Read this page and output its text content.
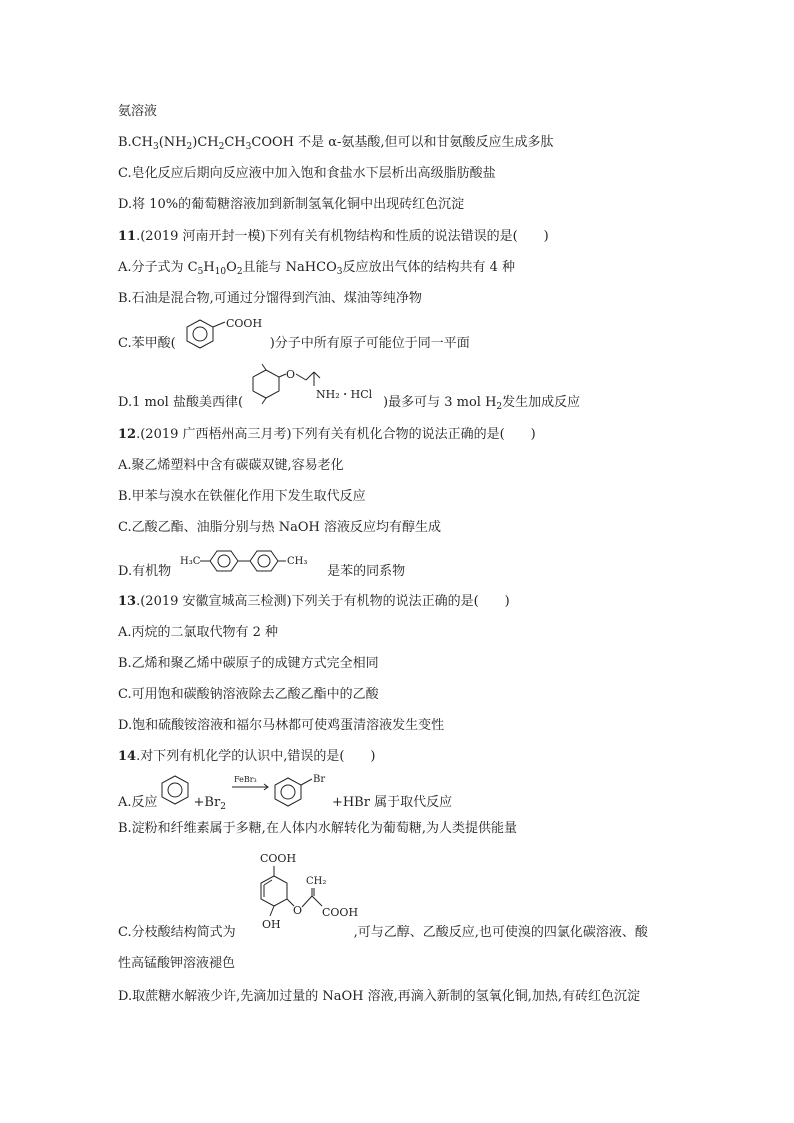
氨溶液
$B.CH_3(NH_2)CH_2CH_3COOH$ 不是 α-氨基酸,但可以和甘氨酸反应生成多肽
C.皂化反应后期向反应液中加入饱和食盐水下层析出高级脂肪酸盐
D.将 10%的葡萄糖溶液加到新制氢氧化铜中出现砖红色沉淀
11.(2019 河南开封一模)下列有关有机物结构和性质的说法错误的是(　　)
A.分子式为 $C_5H_{10}O_2$且能与 NaHCO$_3$反应放出气体的结构共有 4 种
B.石油是混合物,可通过分馏得到汽油、煤油等纯净物
C.苯甲酸(	)分子中所有原子可能位于同一平面
COOH
D.1 mol 盐酸美西律(	)最多可与 3 mol $H_2$发生加成反应
O
NH₂・HCl
12.(2019 广西梧州高三月考)下列有关有机化合物的说法正确的是(　　)
A.聚乙烯塑料中含有碳碳双键,容易老化
B.甲苯与溴水在铁催化作用下发生取代反应
C.乙酸乙酯、油脂分别与热 NaOH 溶液反应均有醇生成
D.有机物	是苯的同系物
H₃C	CH₃
13.(2019 安徽宣城高三检测)下列关于有机物的说法正确的是(　　)
A.丙烷的二氯取代物有 2 种
B.乙烯和聚乙烯中碳原子的成键方式完全相同
C.可用饱和碳酸钠溶液除去乙酸乙酯中的乙酸
D.饱和硫酸铵溶液和福尔马林都可使鸡蛋清溶液发生变性
14.对下列有机化学的认识中,错误的是(　　)
A.反应	$+Br_2$	+HBr 属于取代反应
FeBr₃	Br
B.淀粉和纤维素属于多糖,在人体内水解转化为葡萄糖,为人类提供能量
C.分枝酸结构简式为	,可与乙醇、乙酸反应,也可使溴的四氯化碳溶液、酸
COOH
OH
O
CH₂
COOH
性高锰酸钾溶液褪色
D.取蔗糖水解液少许,先滴加过量的 NaOH 溶液,再滴入新制的氢氧化铜,加热,有砖红色沉淀
